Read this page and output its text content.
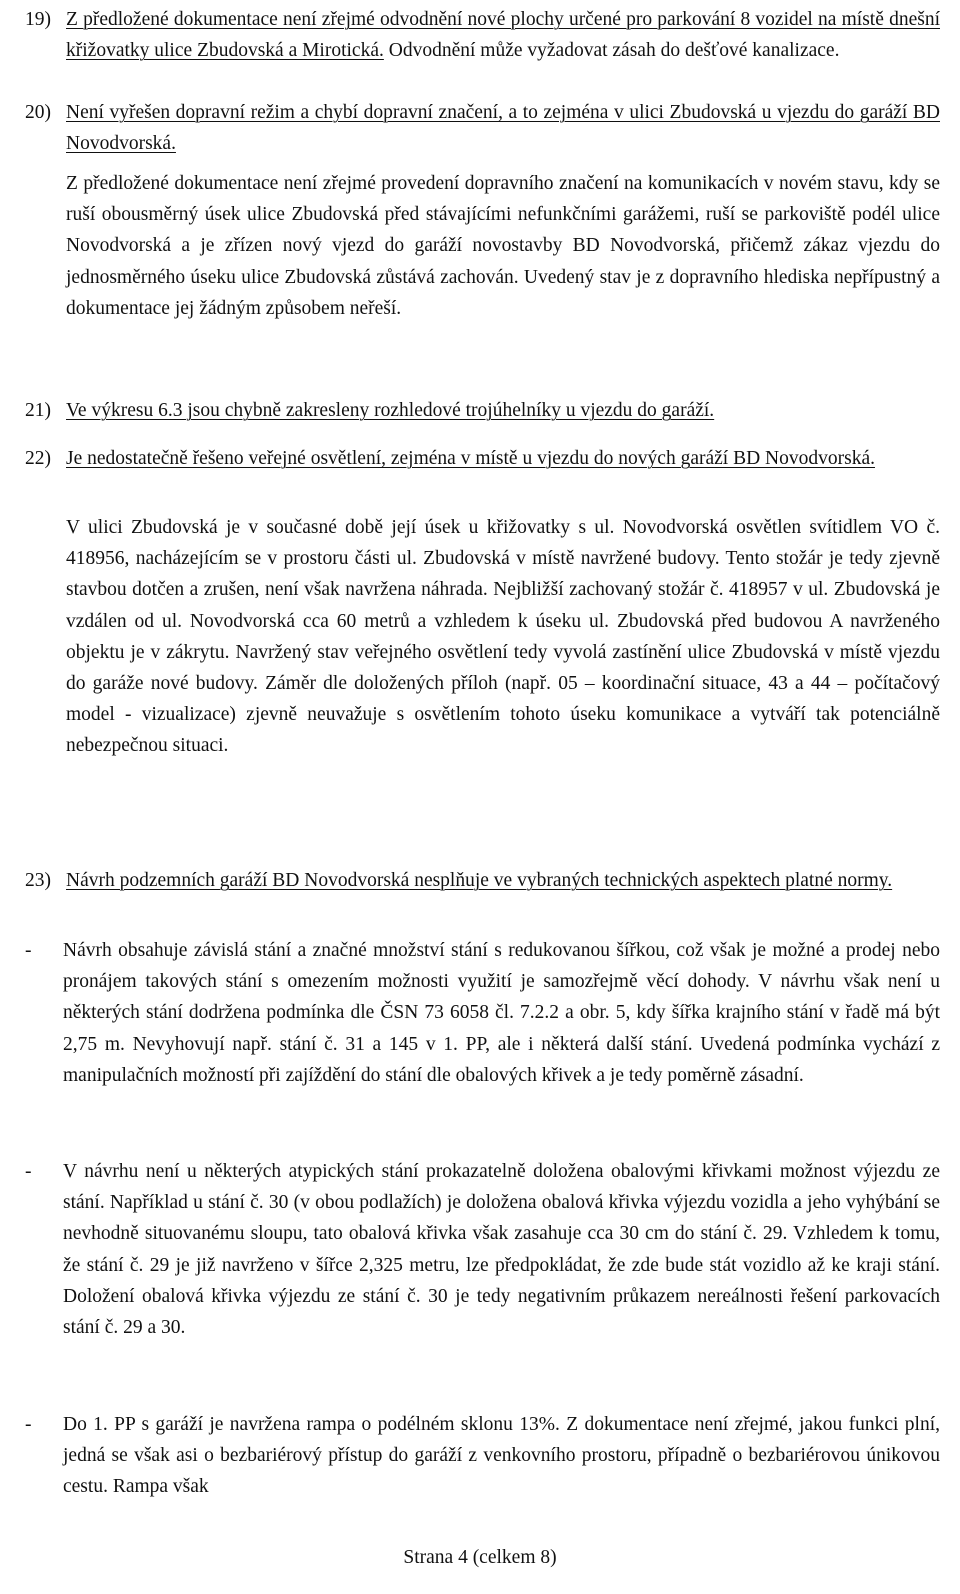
19) Z předložené dokumentace není zřejmé odvodnění nové plochy určené pro parkování 8 vozidel na místě dnešní křižovatky ulice Zbudovská a Mirotická. Odvodnění může vyžadovat zásah do dešťové kanalizace.
20) Není vyřešen dopravní režim a chybí dopravní značení, a to zejména v ulici Zbudovská u vjezdu do garáží BD Novodvorská.
Z předložené dokumentace není zřejmé provedení dopravního značení na komunikacích v novém stavu, kdy se ruší obousměrný úsek ulice Zbudovská před stávajícími nefunkčními garážemi, ruší se parkoviště podél ulice Novodvorská a je zřízen nový vjezd do garáží novostavby BD Novodvorská, přičemž zákaz vjezdu do jednosměrného úseku ulice Zbudovská zůstává zachován. Uvedený stav je z dopravního hlediska nepřípustný a dokumentace jej žádným způsobem neřeší.
21) Ve výkresu 6.3 jsou chybně zakresleny rozhledové trojúhelníky u vjezdu do garáží.
22) Je nedostatečně řešeno veřejné osvětlení, zejména v místě u vjezdu do nových garáží BD Novodvorská.
V ulici Zbudovská je v současné době její úsek u křižovatky s ul. Novodvorská osvětlen svítidlem VO č. 418956, nacházejícím se v prostoru části ul. Zbudovská v místě navržené budovy. Tento stožár je tedy zjevně stavbou dotčen a zrušen, není však navržena náhrada. Nejbližší zachovaný stožár č. 418957 v ul. Zbudovská je vzdálen od ul. Novodvorská cca 60 metrů a vzhledem k úseku ul. Zbudovská před budovou A navrženého objektu je v zákrytu. Navržený stav veřejného osvětlení tedy vyvolá zastínění ulice Zbudovská v místě vjezdu do garáže nové budovy. Záměr dle doložených příloh (např. 05 – koordinační situace, 43 a 44 – počítačový model - vizualizace) zjevně neuvažuje s osvětlením tohoto úseku komunikace a vytváří tak potenciálně nebezpečnou situaci.
23) Návrh podzemních garáží BD Novodvorská nesplňuje ve vybraných technických aspektech platné normy.
- Návrh obsahuje závislá stání a značné množství stání s redukovanou šířkou, což však je možné a prodej nebo pronájem takových stání s omezením možnosti využití je samozřejmě věcí dohody. V návrhu však není u některých stání dodržena podmínka dle ČSN 73 6058 čl. 7.2.2 a obr. 5, kdy šířka krajního stání v řadě má být 2,75 m. Nevyhovují např. stání č. 31 a 145 v 1. PP, ale i některá další stání. Uvedená podmínka vychází z manipulačních možností při zajíždění do stání dle obalových křivek a je tedy poměrně zásadní.
- V návrhu není u některých atypických stání prokazatelně doložena obalovými křivkami možnost výjezdu ze stání. Například u stání č. 30 (v obou podlažích) je doložena obalová křivka výjezdu vozidla a jeho vyhýbání se nevhodně situovanému sloupu, tato obalová křivka však zasahuje cca 30 cm do stání č. 29. Vzhledem k tomu, že stání č. 29 je již navrženo v šířce 2,325 metru, lze předpokládat, že zde bude stát vozidlo až ke kraji stání. Doložení obalová křivka výjezdu ze stání č. 30 je tedy negativním průkazem nereálnosti řešení parkovacích stání č. 29 a 30.
- Do 1. PP s garáží je navržena rampa o podélném sklonu 13%. Z dokumentace není zřejmé, jakou funkci plní, jedná se však asi o bezbariérový přístup do garáží z venkovního prostoru, případně o bezbariérovou únikovou cestu. Rampa však
Strana 4 (celkem 8)
